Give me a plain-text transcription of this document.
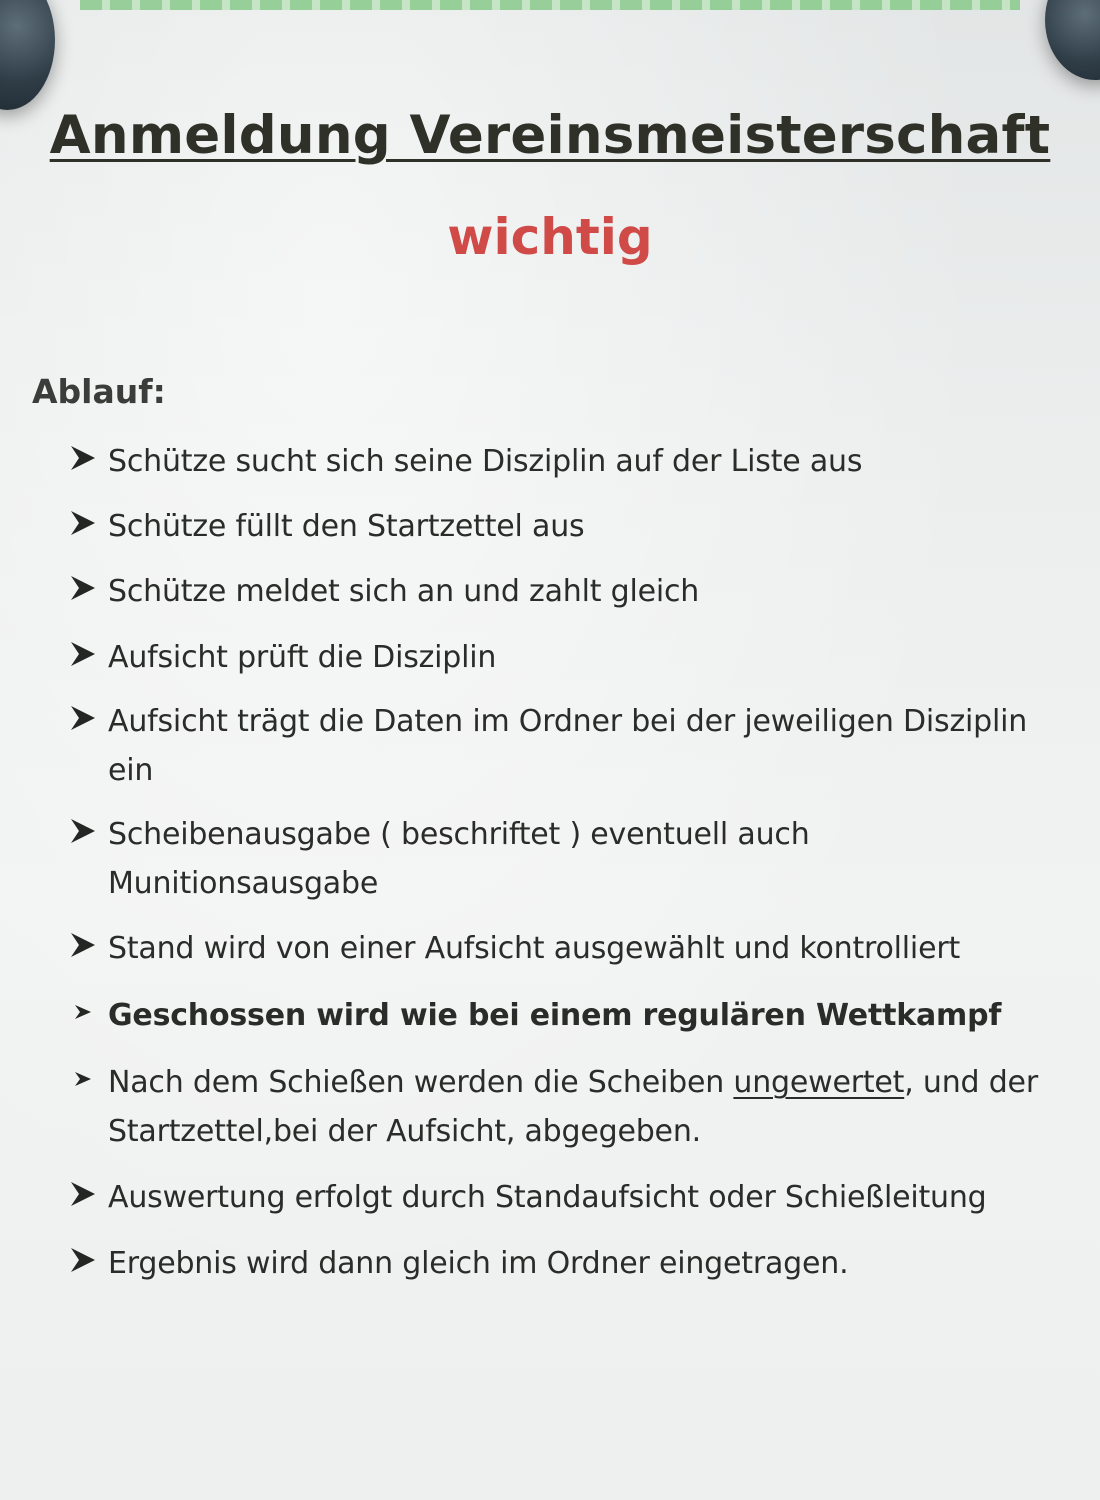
Anmeldung Vereinsmeisterschaft
wichtig
Ablauf:
Schütze sucht sich seine Disziplin auf der Liste aus
Schütze füllt den Startzettel aus
Schütze meldet sich an und zahlt gleich
Aufsicht prüft die Disziplin
Aufsicht trägt die Daten im Ordner bei der jeweiligen Disziplin
ein
Scheibenausgabe ( beschriftet ) eventuell auch
Munitionsausgabe
Stand wird von einer Aufsicht ausgewählt und kontrolliert
Geschossen wird wie bei einem regulären Wettkampf
Nach dem Schießen werden die Scheiben ungewertet, und der
Startzettel,bei der Aufsicht, abgegeben.
Auswertung erfolgt durch Standaufsicht oder Schießleitung
Ergebnis wird dann gleich im Ordner eingetragen.
